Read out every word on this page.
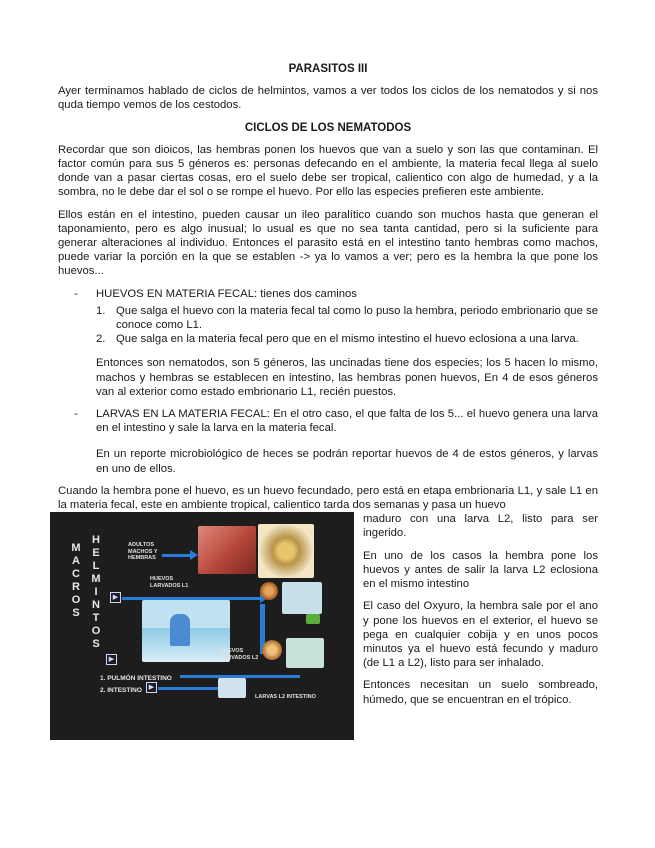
PARASITOS III
Ayer terminamos hablado de ciclos de helmintos, vamos a ver todos los ciclos de los nematodos y si nos quda tiempo vemos de los cestodos.
CICLOS DE LOS NEMATODOS
Recordar que son dioicos, las hembras ponen los huevos que van a suelo y son las que contaminan. El factor común para sus 5 géneros es: personas defecando en el ambiente, la materia fecal llega al suelo donde van a pasar ciertas cosas, ero el suelo debe ser tropical, calientico con algo de humedad, y a la sombra, no le debe dar el sol o se rompe el huevo. Por ello las especies prefieren este ambiente.
Ellos están en el intestino, pueden causar un ileo paralítico cuando son muchos hasta que generan el taponamiento, pero es algo inusual; lo usual es que no sea tanta cantidad, pero si la suficiente para generar alteraciones al individuo. Entonces el parasito está en el intestino tanto hembras como machos, puede variar la porción en la que se establen -> ya lo vamos a ver; pero es la hembra la que pone los huevos...
- HUEVOS EN MATERIA FECAL: tienes dos caminos
1. Que salga el huevo con la materia fecal tal como lo puso la hembra, periodo embrionario que se conoce como L1.
2. Que salga en la materia fecal pero que en el mismo intestino el huevo eclosiona a una larva.
Entonces son nematodos, son 5 géneros, las uncinadas tiene dos especies; los 5 hacen lo mismo, machos y hembras se establecen en intestino, las hembras ponen huevos, En 4 de esos géneros van al exterior como estado embrionario L1, recién puestos.
- LARVAS EN LA MATERIA FECAL: En el otro caso, el que falta de los 5... el huevo genera una larva en el intestino y sale la larva en la materia fecal.
En un reporte microbiológico de heces se podrán reportar huevos de 4 de estos géneros, y larvas en uno de ellos.
Cuando la hembra pone el huevo, es un huevo fecundado, pero está en etapa embrionaria L1, y sale L1 en la materia fecal, este en ambiente tropical, calientico tarda dos semanas y pasa un huevo
M
A
C
R
O
S
H
E
L
M
I
N
T
O
S
ADULTOS MACHOS Y HEMBRAS
▶
HUEVOS LARVADOS L1
HUEVOS LARVADOS L2
1. PULMÓN INTESTINO
▶
2. INTESTINO ▶
LARVAS L2 INTESTINO

maduro con una larva L2, listo para ser ingerido.

En uno de los casos la hembra pone los huevos y antes de salir la larva L2 eclosiona en el mismo intestino

El caso del Oxyuro, la hembra sale por el ano y pone los huevos en el exterior, el huevo se pega en cualquier cobija y en unos pocos minutos ya el huevo está fecundo y maduro (de L1 a L2), listo para ser inhalado.

Entonces necesitan un suelo sombreado, húmedo, que se encuentran en el trópico.
